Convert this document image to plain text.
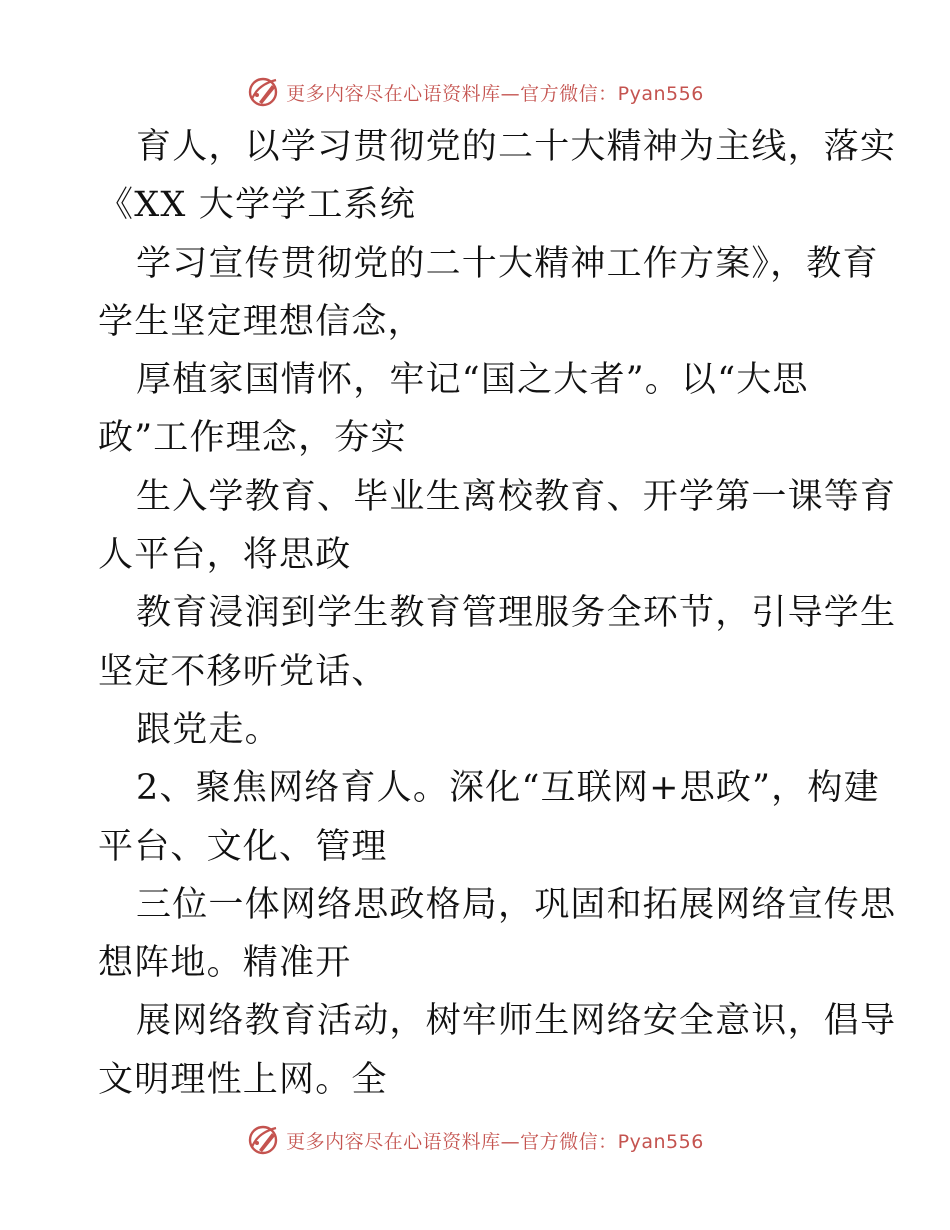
更多内容尽在心语资料库—官方微信：Pyan556
育人，以学习贯彻党的二十大精神为主线，落实
《XX 大学学工系统
学习宣传贯彻党的二十大精神工作方案》，教育
学生坚定理想信念，
厚植家国情怀，牢记“国之大者”。以“大思
政”工作理念，夯实
生入学教育、毕业生离校教育、开学第一课等育
人平台，将思政
教育浸润到学生教育管理服务全环节，引导学生
坚定不移听党话、
跟党走。
2、聚焦网络育人。深化“互联网+思政”，构建
平台、文化、管理
三位一体网络思政格局，巩固和拓展网络宣传思
想阵地。精准开
展网络教育活动，树牢师生网络安全意识，倡导
文明理性上网。全
更多内容尽在心语资料库—官方微信：Pyan556
